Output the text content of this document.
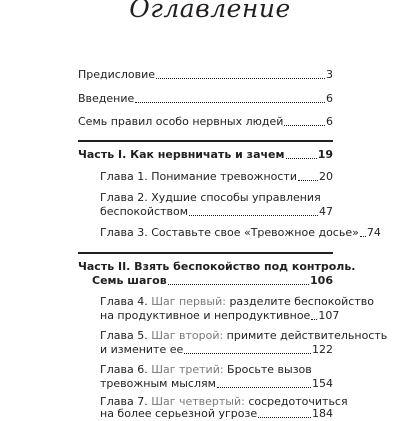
Оглавление
Предисловие	3
Введение	6
Семь правил особо нервных людей	6
Часть I. Как нервничать и зачем	19
Глава 1. Понимание тревожности 20
Глава 2. Худшие способы управления
беспокойством	47
Глава 3. Составьте свое «Тревожное досье» 74
Часть II. Взять беспокойство под контроль.
Семь шагов	106
Глава 4. Шаг первый: разделите беспокойство
на продуктивное и непродуктивное 107
Глава 5. Шаг второй: примите действительность
и измените ее	122
Глава 6. Шаг третий: Бросьте вызов
тревожным мыслям	154
Глава 7. Шаг четвертый: сосредоточиться
на более серьезной угрозе	184
